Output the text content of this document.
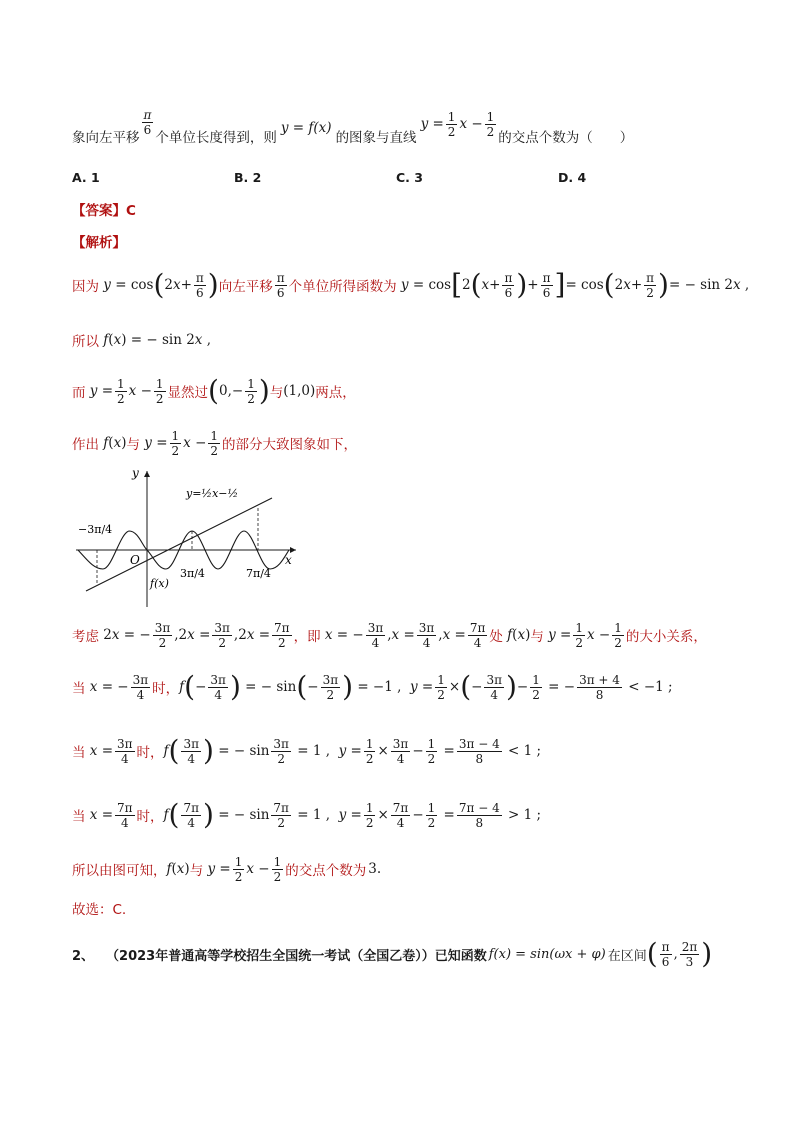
象向左平移
$\frac{\pi}{6}$
个单位长度得到，则
y = f(x)
的图象与直线
$y = \frac{1}{2}$ $x - \frac{1}{2}$ 的交点个数为（　　）
A. 1	B. 2	C. 3	D. 4
【答案】C
【解析】
因为 y = cos ( 2 $x + \frac{\pi}{6}$ ) 向左平移 $\frac{\pi}{6}$ 个单位所得函数为 y = cos [ 2 ( $x + \frac{\pi}{6}$ ) + $\frac{\pi}{6}$ ] = cos ( 2 $x + \frac{\pi}{2}$ ) = − sin 2 x ,
所以 f ( x ) = − sin 2 x ,
而 $y = \frac{1}{2}$ $x - \frac{1}{2}$ 显然过 ( $0,- \frac{1}{2}$ ) 与 (1,0) 两点，
作出 f ( x ) 与 $y = \frac{1}{2}$ $x - \frac{1}{2}$ 的部分大致图象如下，
y
x
O
y=½x−½
−3π/4
3π/4	7π/4
f(x)
考虑 2 x = − $\frac{3\pi}{2} ,2$ $x = \frac{3\pi}{2} ,2$ $x = \frac{7\pi}{2}$ ，即 x = − $\frac{3\pi}{4}$ , $x = \frac{3\pi}{4}$ , $x = \frac{7\pi}{4}$ 处 f ( x ) 与 $y = \frac{1}{2}$ $x - \frac{1}{2}$ 的大小关系，
当 x = − $\frac{3\pi}{4}$ 时， f ( − $\frac{3\pi}{4}$ ) = − sin ( − $\frac{3\pi}{2}$ ) = −1 , $y = \frac{1}{2}$ × ( − $\frac{3\pi}{4}$ ) − $\frac{1}{2}$ = − $\frac{3\pi + 4}{8} < -1$ ;
当 $x = \frac{3\pi}{4}$ 时， f ( $\frac{3\pi}{4}$ ) = − $\sin \frac{3\pi}{2} = 1$ , $y = \frac{1}{2} \times \frac{3\pi}{4} - \frac{1}{2} = \frac{3\pi - 4}{8} < 1$ ;
当 $x = \frac{7\pi}{4}$ 时， f ( $\frac{7\pi}{4}$ ) = − $\sin \frac{7\pi}{2} = 1$ , $y = \frac{1}{2} \times \frac{7\pi}{4} - \frac{1}{2} = \frac{7\pi - 4}{8} > 1$ ;
所以由图可知， f ( x ) 与 $y = \frac{1}{2}$ $x - \frac{1}{2}$ 的交点个数为 3 .
故选：C.
2、 （2023年普通高等学校招生全国统一考试（全国乙卷））已知函数 f(x) = sin(ωx + φ) 在区间 ( $\frac{\pi}{6}$ , $\frac{2\pi}{3}$ )
